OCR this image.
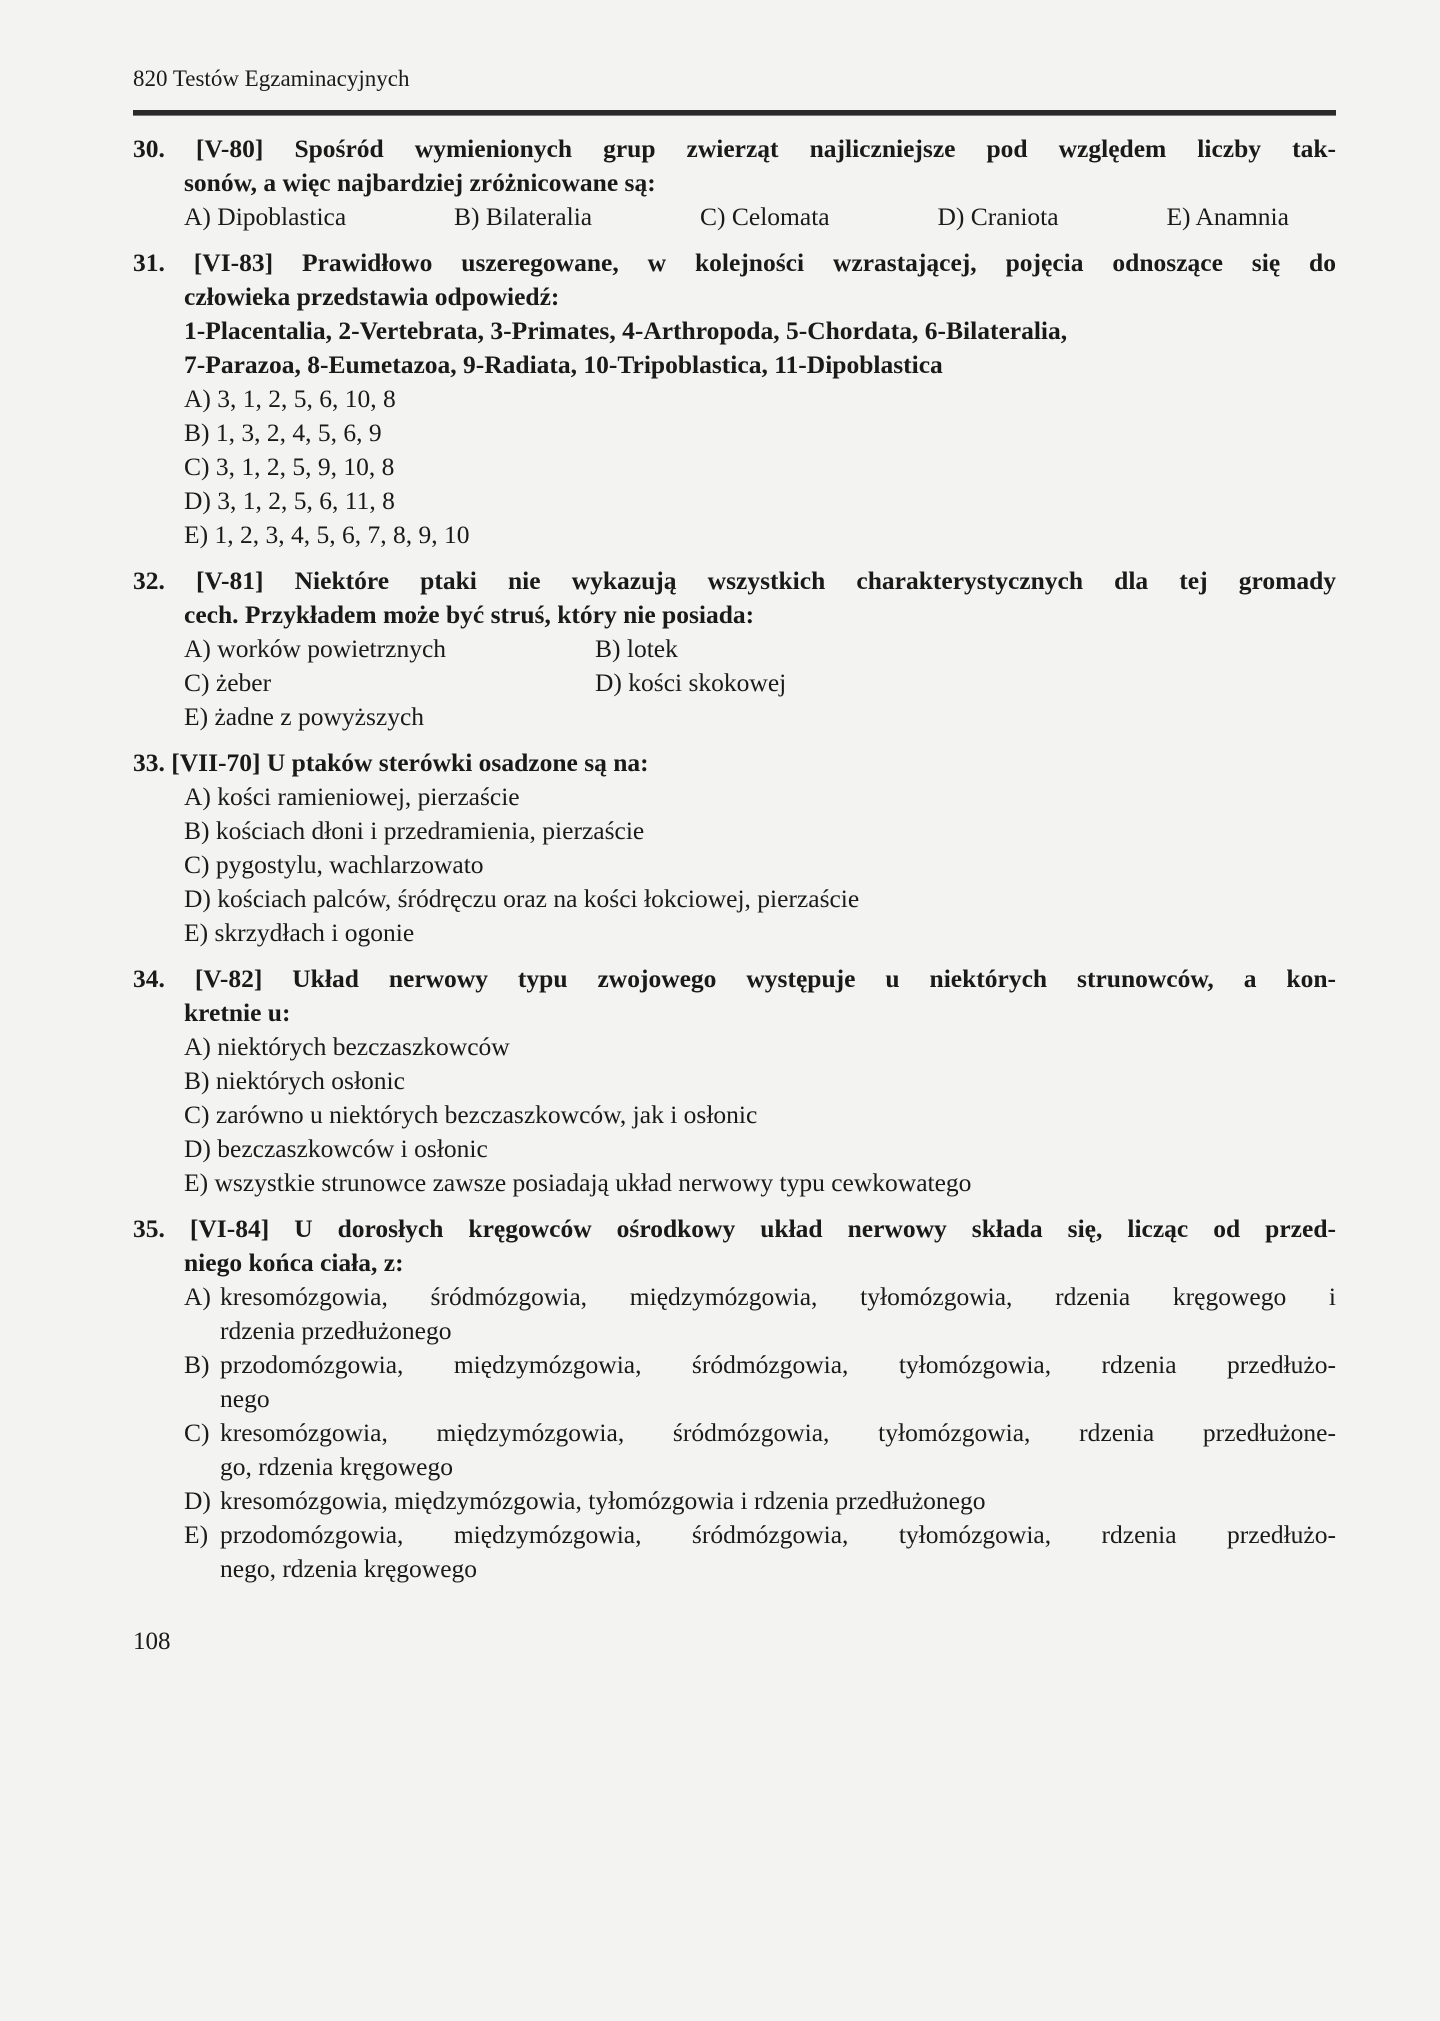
820 Testów Egzaminacyjnych
30. [V-80] Spośród wymienionych grup zwierząt najliczniejsze pod względem liczby tak-
sonów, a więc najbardziej zróżnicowane są:
A) Dipoblastica	B) Bilateralia	C) Celomata	D) Craniota	E) Anamnia
31. [VI-83] Prawidłowo uszeregowane, w kolejności wzrastającej, pojęcia odnoszące się do
człowieka przedstawia odpowiedź:
1-Placentalia, 2-Vertebrata, 3-Primates, 4-Arthropoda, 5-Chordata, 6-Bilateralia,
7-Parazoa, 8-Eumetazoa, 9-Radiata, 10-Tripoblastica, 11-Dipoblastica
A) 3, 1, 2, 5, 6, 10, 8
B) 1, 3, 2, 4, 5, 6, 9
C) 3, 1, 2, 5, 9, 10, 8
D) 3, 1, 2, 5, 6, 11, 8
E) 1, 2, 3, 4, 5, 6, 7, 8, 9, 10
32. [V-81] Niektóre ptaki nie wykazują wszystkich charakterystycznych dla tej gromady
cech. Przykładem może być struś, który nie posiada:
A) worków powietrznych	B) lotek
C) żeber	D) kości skokowej
E) żadne z powyższych
33. [VII-70] U ptaków sterówki osadzone są na:
A) kości ramieniowej, pierzaście
B) kościach dłoni i przedramienia, pierzaście
C) pygostylu, wachlarzowato
D) kościach palców, śródręczu oraz na kości łokciowej, pierzaście
E) skrzydłach i ogonie
34. [V-82] Układ nerwowy typu zwojowego występuje u niektórych strunowców, a kon-
kretnie u:
A) niektórych bezczaszkowców
B) niektórych osłonic
C) zarówno u niektórych bezczaszkowców, jak i osłonic
D) bezczaszkowców i osłonic
E) wszystkie strunowce zawsze posiadają układ nerwowy typu cewkowatego
35. [VI-84] U dorosłych kręgowców ośrodkowy układ nerwowy składa się, licząc od przed-
niego końca ciała, z:
A) kresomózgowia, śródmózgowia, międzymózgowia, tyłomózgowia, rdzenia kręgowego i
rdzenia przedłużonego
B) przodomózgowia, międzymózgowia, śródmózgowia, tyłomózgowia, rdzenia przedłużo-
nego
C) kresomózgowia, międzymózgowia, śródmózgowia, tyłomózgowia, rdzenia przedłużone-
go, rdzenia kręgowego
D) kresomózgowia, międzymózgowia, tyłomózgowia i rdzenia przedłużonego
E) przodomózgowia, międzymózgowia, śródmózgowia, tyłomózgowia, rdzenia przedłużo-
nego, rdzenia kręgowego
108
